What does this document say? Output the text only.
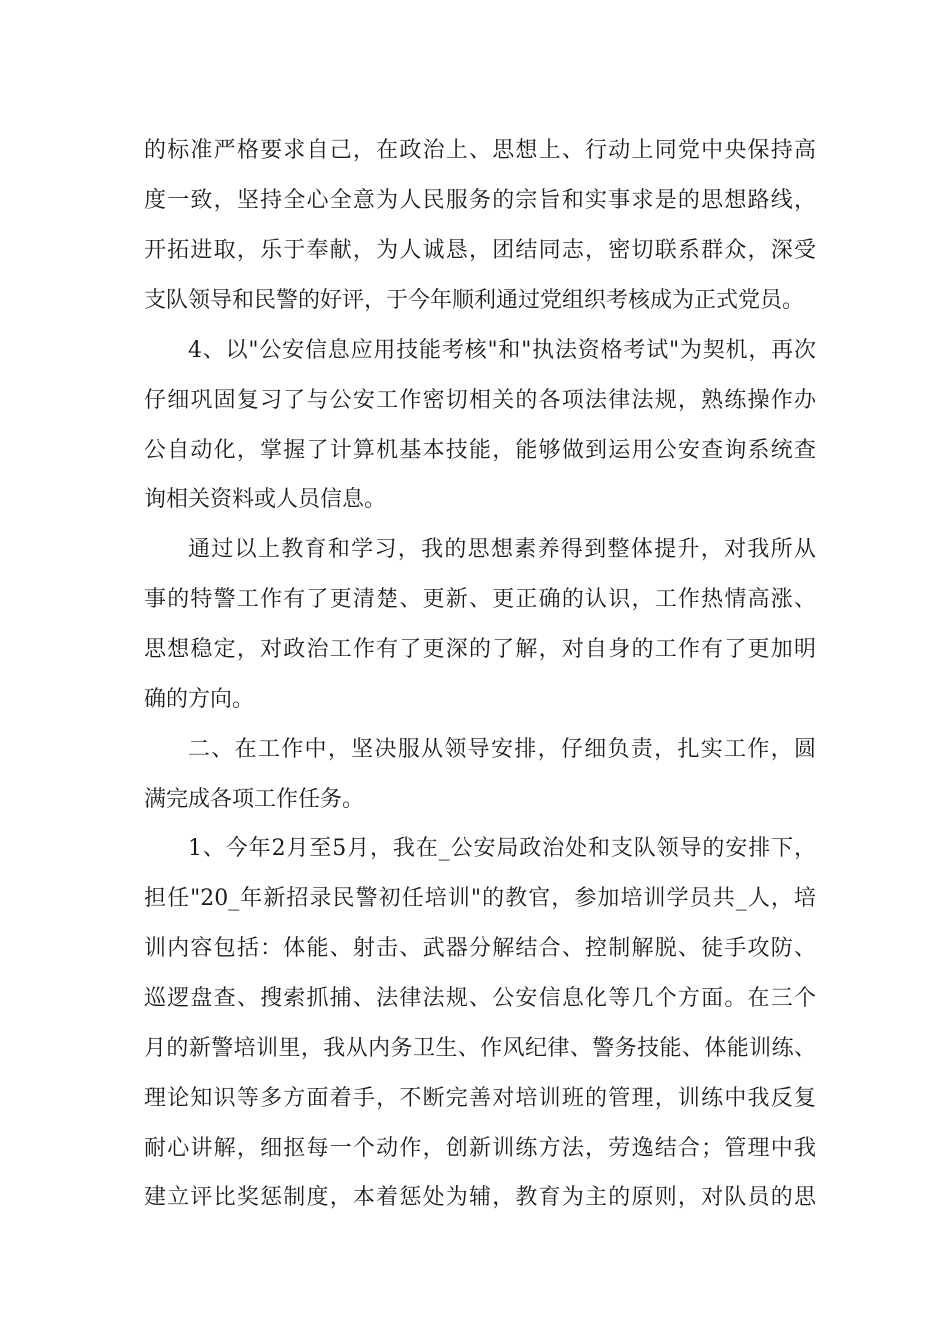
的标准严格要求自己，在政治上、思想上、行动上同党中央保持高
度一致，坚持全心全意为人民服务的宗旨和实事求是的思想路线，
开拓进取，乐于奉献，为人诚恳，团结同志，密切联系群众，深受
支队领导和民警的好评，于今年顺利通过党组织考核成为正式党员。
4、以"公安信息应用技能考核"和"执法资格考试"为契机，再次
仔细巩固复习了与公安工作密切相关的各项法律法规，熟练操作办
公自动化，掌握了计算机基本技能，能够做到运用公安查询系统查
询相关资料或人员信息。
通过以上教育和学习，我的思想素养得到整体提升，对我所从
事的特警工作有了更清楚、更新、更正确的认识，工作热情高涨、
思想稳定，对政治工作有了更深的了解，对自身的工作有了更加明
确的方向。
二、在工作中，坚决服从领导安排，仔细负责，扎实工作，圆
满完成各项工作任务。
1、今年2月至5月，我在_公安局政治处和支队领导的安排下，
担任"20_年新招录民警初任培训"的教官，参加培训学员共_人，培
训内容包括：体能、射击、武器分解结合、控制解脱、徒手攻防、
巡逻盘查、搜索抓捕、法律法规、公安信息化等几个方面。在三个
月的新警培训里，我从内务卫生、作风纪律、警务技能、体能训练、
理论知识等多方面着手，不断完善对培训班的管理，训练中我反复
耐心讲解，细抠每一个动作，创新训练方法，劳逸结合；管理中我
建立评比奖惩制度，本着惩处为辅，教育为主的原则，对队员的思
